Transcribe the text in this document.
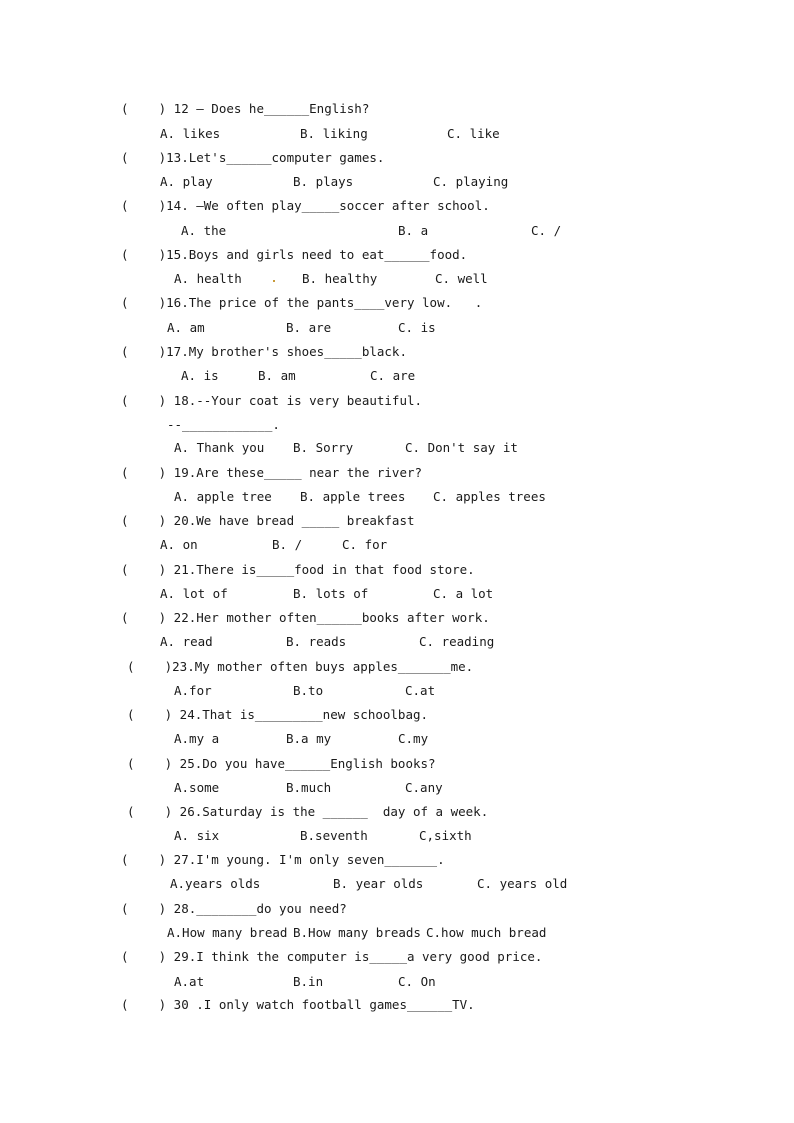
(    ) 12 — Does he______English?
A. likes	B. liking	C. like
(    )13.Let's______computer games.
A. play	B. plays	C. playing
(    )14. —We often play_____soccer after school.
A. the	B. a	C. /
(    )15.Boys and girls need to eat______food.
A. health	B. healthy	C. well
(    )16.The price of the pants____very low.   .
A. am	B. are	C. is
(    )17.My brother's shoes_____black.
A. is	B. am	C. are
(    ) 18.--Your coat is very beautiful.
--____________.
A. Thank you B. Sorry	C. Don't say it
(    ) 19.Are these_____ near the river?
A. apple tree B. apple trees C. apples trees
(    ) 20.We have bread _____ breakfast
A. on	B. /	C. for
(    ) 21.There is_____food in that food store.
A. lot of	B. lots of	C. a lot
(    ) 22.Her mother often______books after work.
A. read	B. reads	C. reading
(    )23.My mother often buys apples_______me.
A.for	B.to	C.at
(    ) 24.That is_________new schoolbag.
A.my a	B.a my	C.my
(    ) 25.Do you have______English books?
A.some	B.much	C.any
(    ) 26.Saturday is the ______  day of a week.
A. six	B.seventh	C,sixth
(    ) 27.I'm young. I'm only seven_______.
A.years olds	B. year olds	C. years old
(    ) 28.________do you need?
A.How many bread B.How many breads C.how much bread
(    ) 29.I think the computer is_____a very good price.
A.at	B.in	C. On
(    ) 30 .I only watch football games______TV.
